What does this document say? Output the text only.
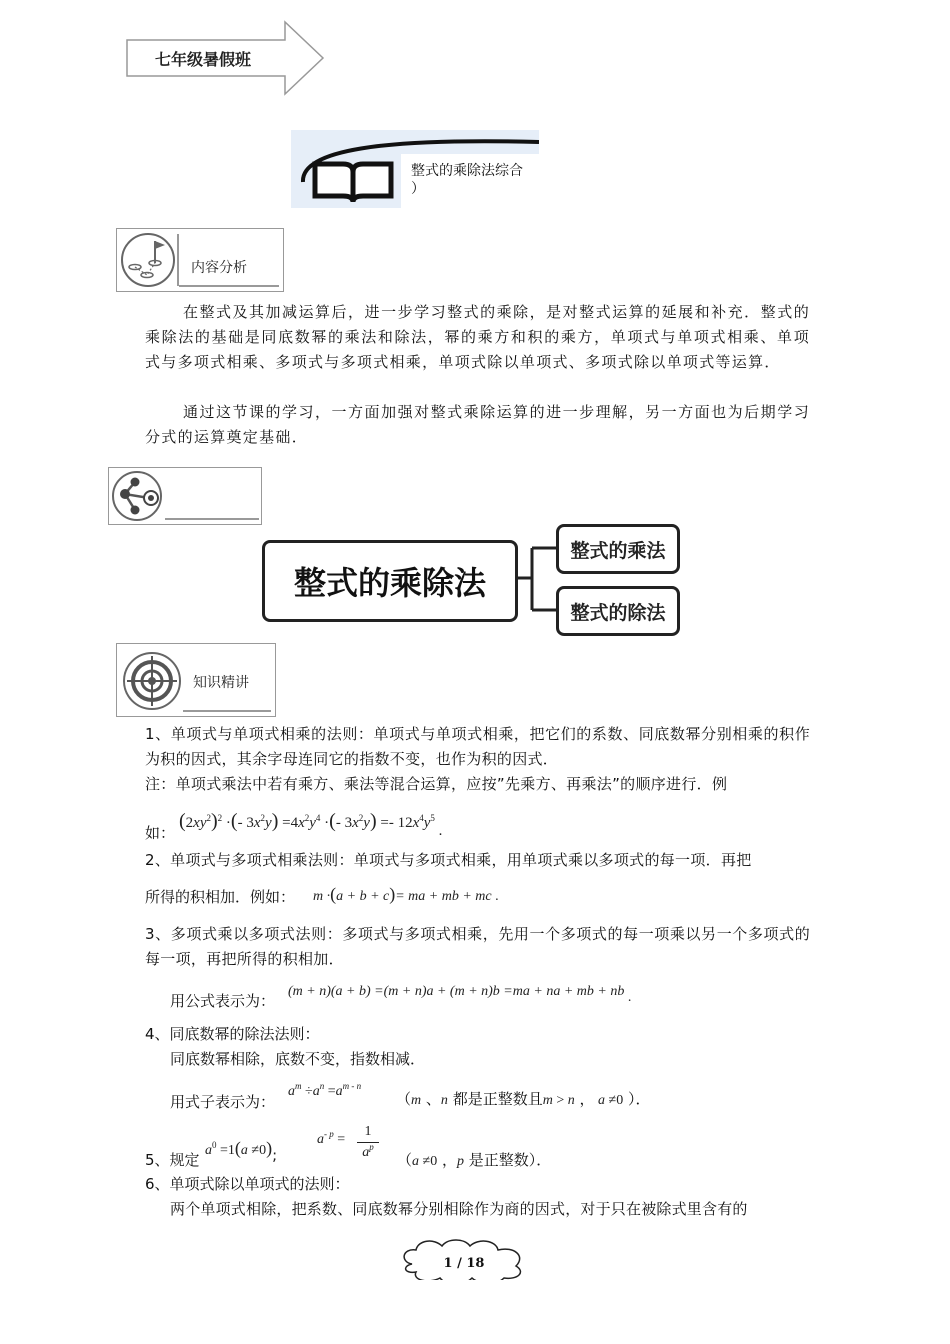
七年级暑假班
整式的乘除法综合
）
内容分析
在整式及其加减运算后，进一步学习整式的乘除，是对整式运算的延展和补充．整式的乘除法的基础是同底数幂的乘法和除法，幂的乘方和积的乘方，单项式与单项式相乘、单项式与多项式相乘、多项式与多项式相乘，单项式除以单项式、多项式除以单项式等运算．
通过这节课的学习，一方面加强对整式乘除运算的进一步理解，另一方面也为后期学习分式的运算奠定基础．
整式的乘除法
整式的乘法
整式的除法
知识精讲
1、单项式与单项式相乘的法则：单项式与单项式相乘，把它们的系数、同底数幂分别相乘的积作为积的因式，其余字母连同它的指数不变，也作为积的因式．
注：单项式乘法中若有乘方、乘法等混合运算，应按”先乘方、再乘法”的顺序进行．例
如：
$(2xy^2)^2$ ·(- $3x^2y) =4x^2y^4$ ·(- $3x^2y) =- 12x^4y^5$ .
2、单项式与多项式相乘法则：单项式与多项式相乘，用单项式乘以多项式的每一项．再把
所得的积相加．例如： m ·(a + b + c)= ma + mb + mc .
3、多项式乘以多项式法则：多项式与多项式相乘，先用一个多项式的每一项乘以另一个多项式的每一项，再把所得的积相加．
用公式表示为：
(m + n)(a + b) =(m + n)a + (m + n)b =ma + na + mb + nb .
4、同底数幂的除法法则：
同底数幂相除，底数不变，指数相减．
用式子表示为：
$a^m \div a^n =a^{m - n}$
（m 、n 都是正整数且m > n ， a ≠0 ）．
5、规定
$a^0 =1(a \ne 0)$;
$a^{- p}$ =
1
$a^p$
（a ≠0 ，p 是正整数）．
6、单项式除以单项式的法则：
两个单项式相除，把系数、同底数幂分别相除作为商的因式，对于只在被除式里含有的
1 / 18
